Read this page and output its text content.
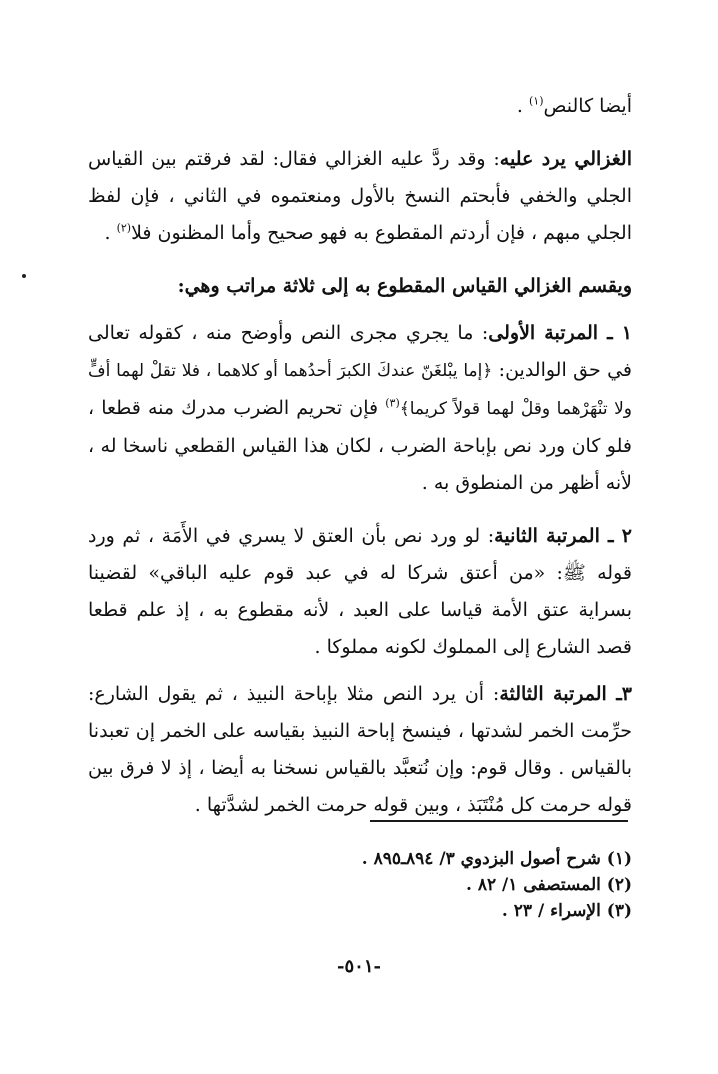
أيضا كالنص$^{(١)}$ .

الغزالي يرد عليه: وقد ردَّ عليه الغزالي فقال: لقد فرقتم بين القياس الجلي والخفي فأبحتم النسخ بالأول ومنعتموه في الثاني ، فإن لفظ الجلي مبهم ، فإن أردتم المقطوع به فهو صحيح وأما المظنون فلا$^{(٢)}$ .

ويقسم الغزالي القياس المقطوع به إلى ثلاثة مراتب وهي:

١ ـ المرتبة الأولى: ما يجري مجرى النص وأوضح منه ، كقوله تعالى في حق الوالدين: ﴿إما يبْلغَنّ عندكَ الكبرَ أحدُهما أو كلاهما ، فلا تقلْ لهما أفٍّ ولا تنْهَرْهما وقلْ لهما قولاً كريما﴾$^{(٣)}$ فإن تحريم الضرب مدرك منه قطعا ، فلو كان ورد نص بإباحة الضرب ، لكان هذا القياس القطعي ناسخا له ، لأنه أظهر من المنطوق به .

٢ ـ المرتبة الثانية: لو ورد نص بأن العتق لا يسري في الأَمَة ، ثم ورد قوله ﷺ: «من أعتق شركا له في عبد قوم عليه الباقي» لقضينا بسراية عتق الأمة قياسا على العبد ، لأنه مقطوع به ، إذ علم قطعا قصد الشارع إلى المملوك لكونه مملوكا .

٣ـ المرتبة الثالثة: أن يرد النص مثلا بإباحة النبيذ ، ثم يقول الشارع: حرِّمت الخمر لشدتها ، فينسخ إباحة النبيذ بقياسه على الخمر إن تعبدنا بالقياس . وقال قوم: وإن نُتعبَّد بالقياس نسخنا به أيضا ، إذ لا فرق بين قوله حرمت كل مُنْتَبَذ ، وبين قوله حرمت الخمر لشدَّتها .

(١) شرح أصول البزدوي ٣/ ٨٩٤ـ٨٩٥ .
(٢) المستصفى ١/ ٨٢ .
(٣) الإسراء / ٢٣ .
-٥٠١-
